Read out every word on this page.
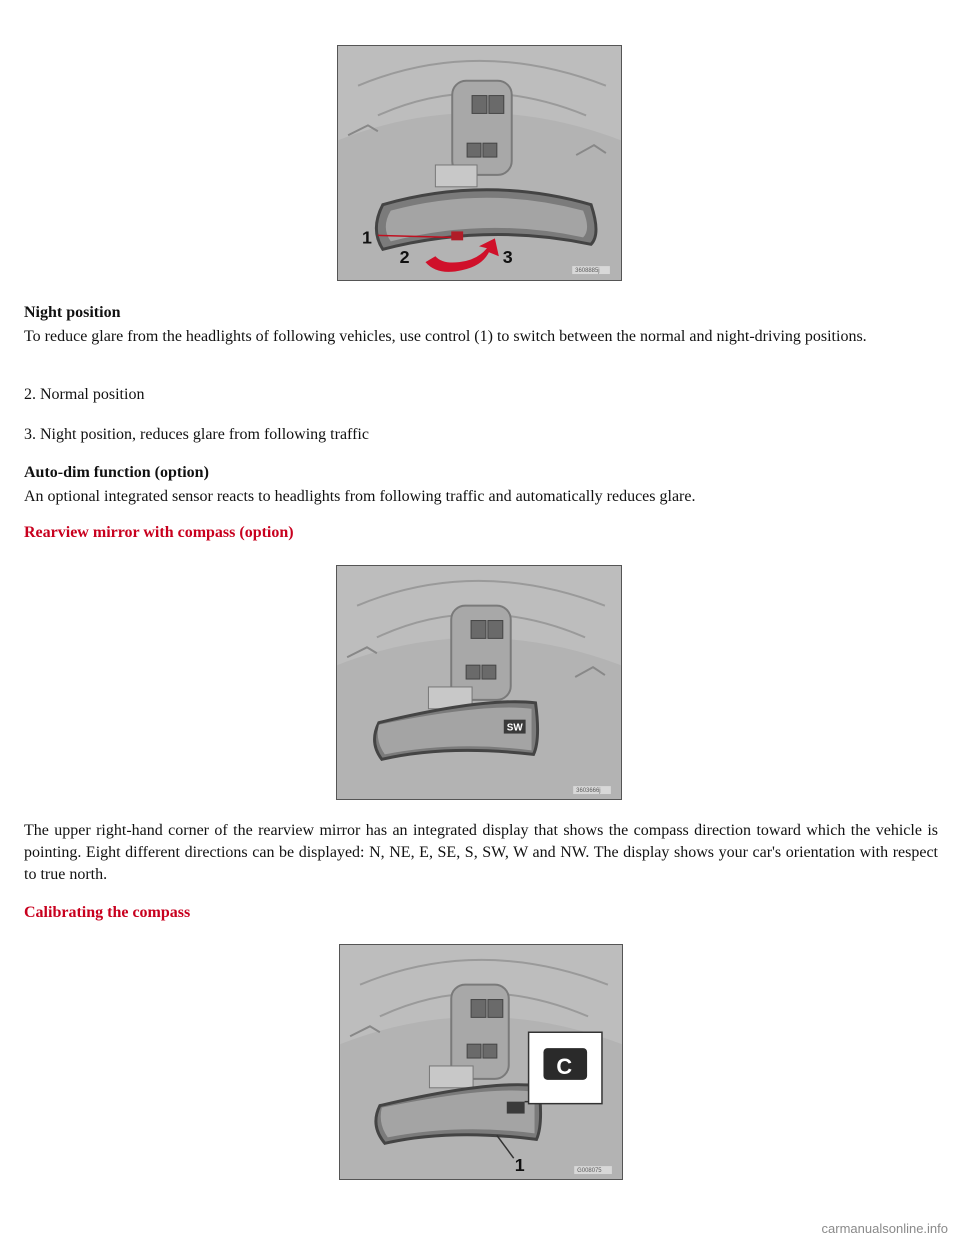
1
2	3
3608885j

Night position

To reduce glare from the headlights of following vehicles, use control (1) to switch between the normal and night-driving positions.

2. Normal position

3. Night position, reduces glare from following traffic

Auto-dim function (option)

An optional integrated sensor reacts to headlights from following traffic and automatically reduces glare.

Rearview mirror with compass (option)

SW
3603666j

The upper right-hand corner of the rearview mirror has an integrated display that shows the compass direction toward which the vehicle is pointing. Eight different directions can be displayed: N, NE, E, SE, S, SW, W and NW. The display shows your car's orientation with respect to true north.

Calibrating the compass

C
1	G008075
carmanualsonline.info
